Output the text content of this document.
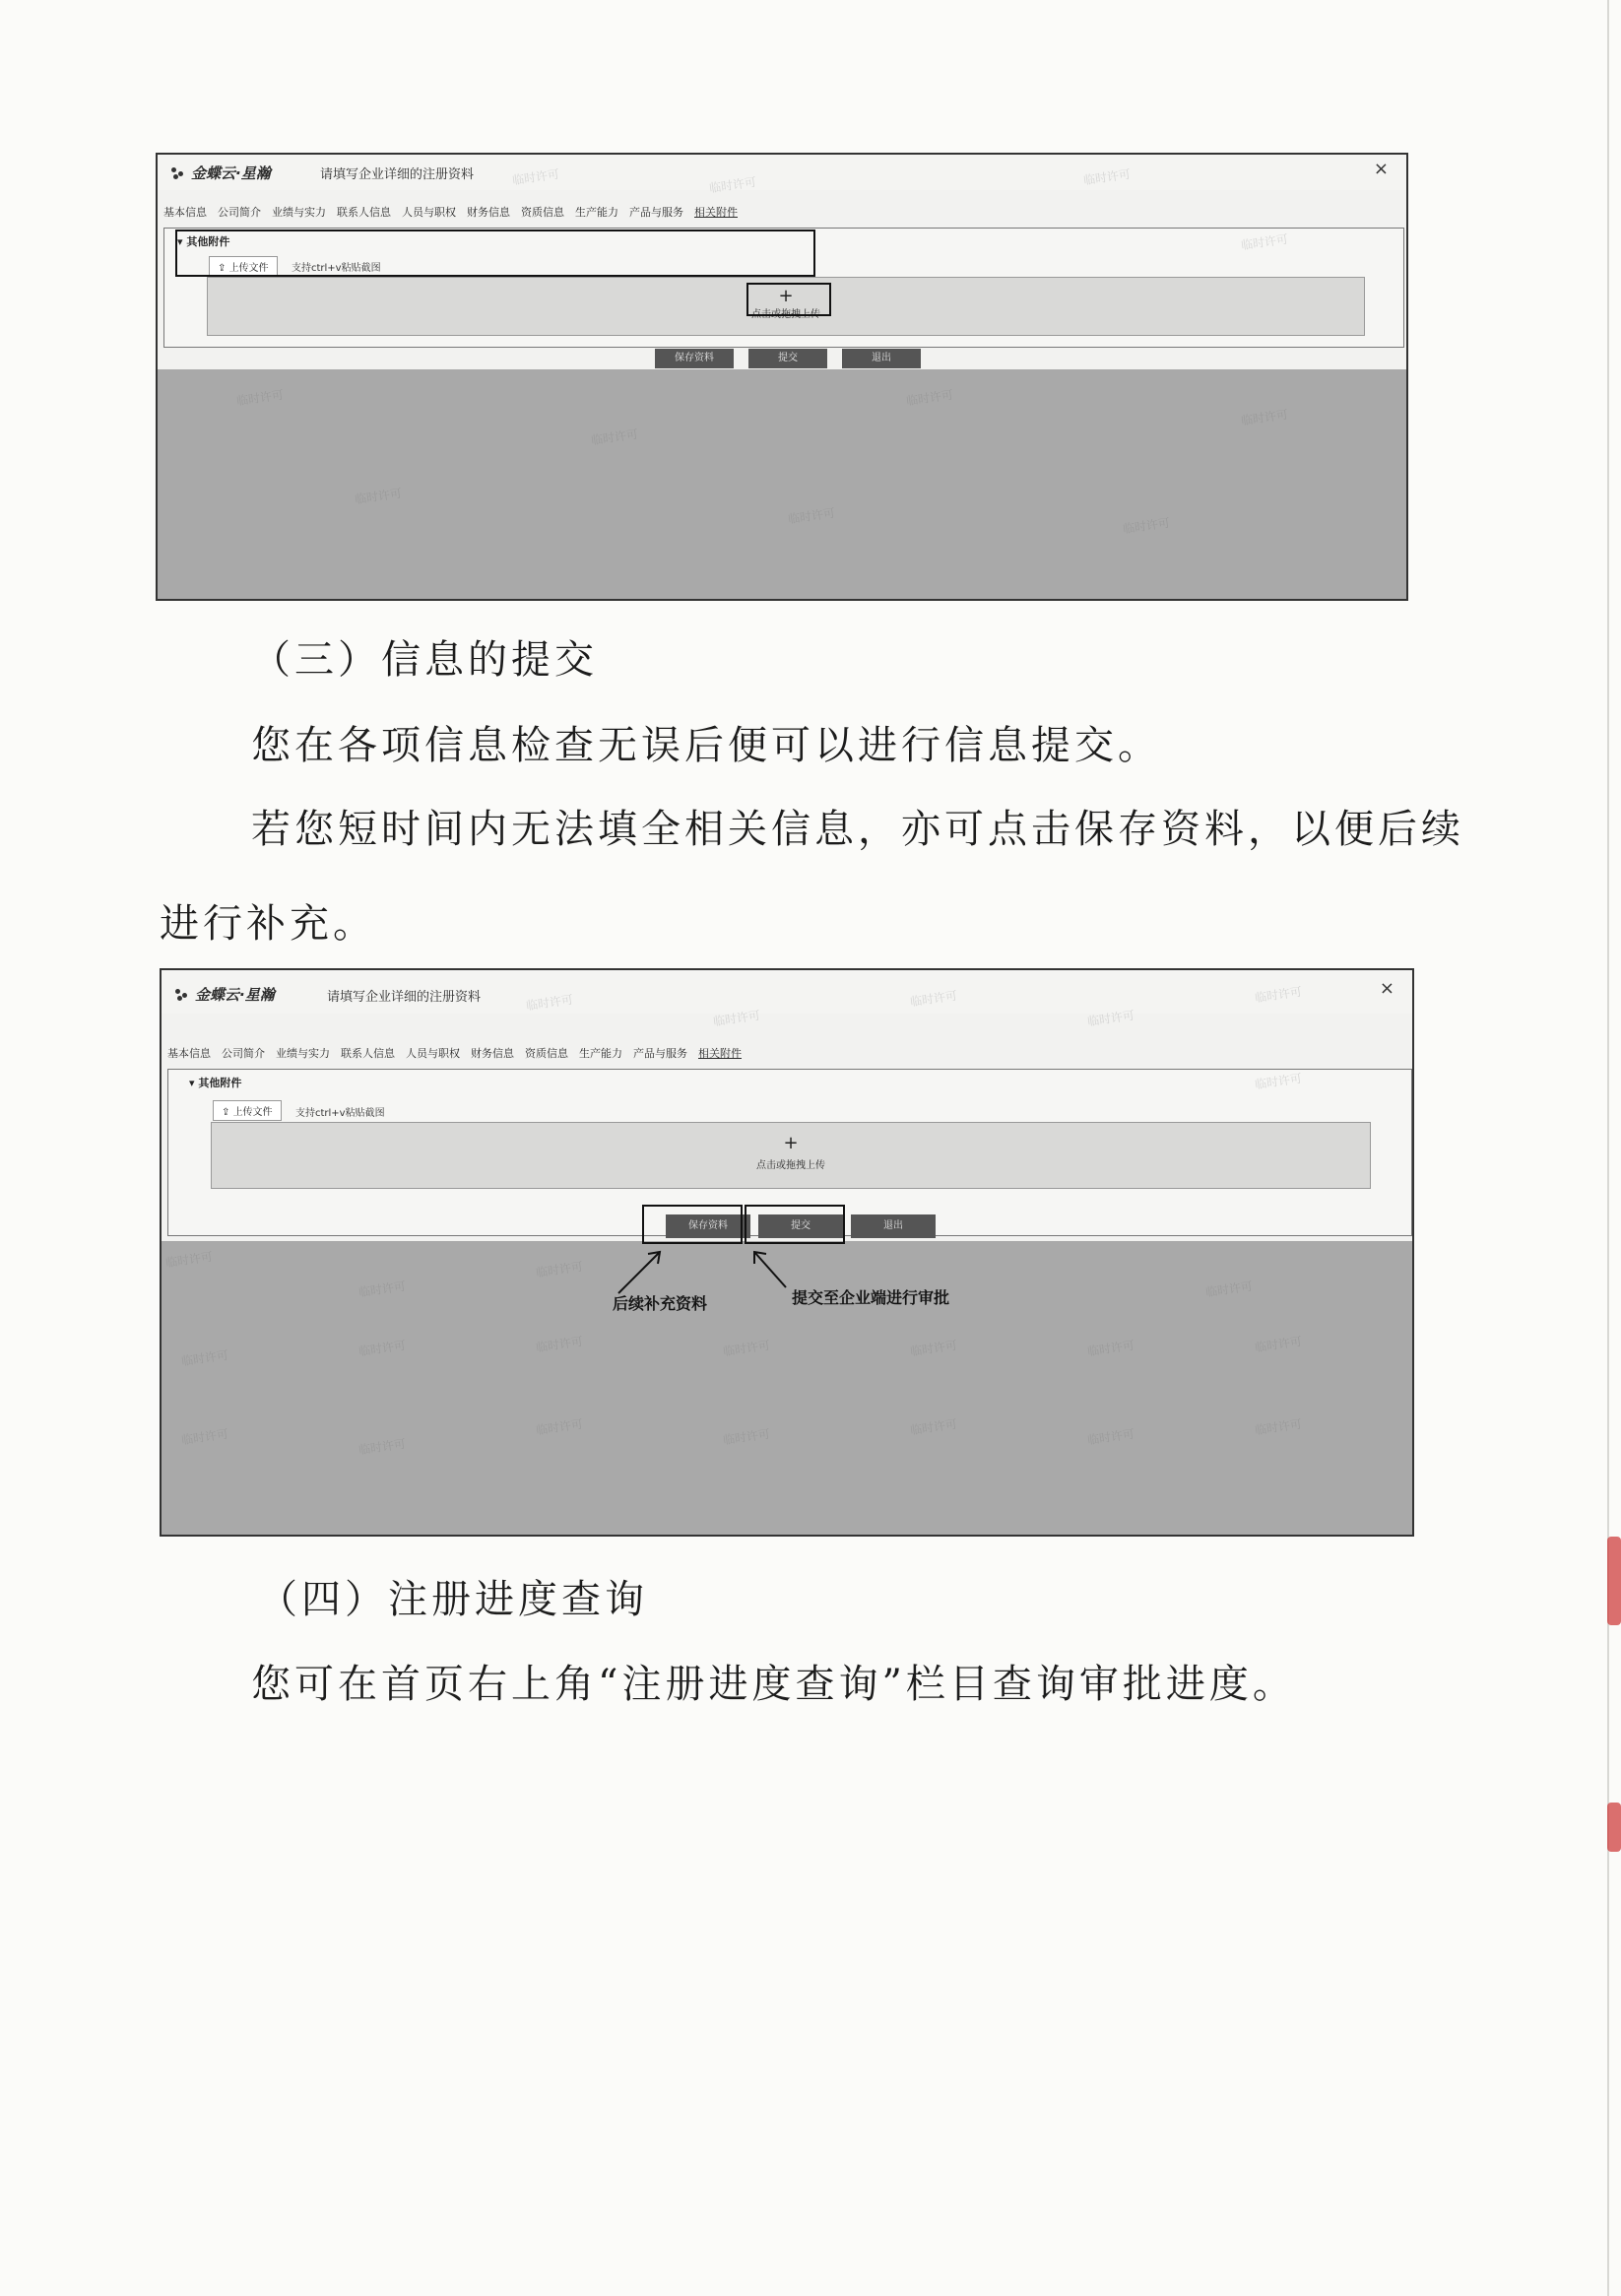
金蝶云·星瀚	请填写企业详细的注册资料	×
基本信息 公司简介 业绩与实力 联系人信息 人员与职权 财务信息 资质信息 生产能力 产品与服务 相关附件
▾ 其他附件
⇪ 上传文件	支持ctrl+v粘贴截图
+
点击或拖拽上传
保存资料	提交	退出
临时许可
临时许可
临时许可
临时许可
临时许可
临时许可	临时许可
临时许可	临时许可	临时许可
临时许可
（三）信息的提交
您在各项信息检查无误后便可以进行信息提交。
若您短时间内无法填全相关信息，亦可点击保存资料，以便后续
进行补充。
金蝶云·星瀚	请填写企业详细的注册资料	×
基本信息 公司简介 业绩与实力 联系人信息 人员与职权 财务信息 资质信息 生产能力 产品与服务 相关附件
▾ 其他附件
⇪ 上传文件	支持ctrl+v粘贴截图
+
点击或拖拽上传
保存资料	提交	退出
临时许可
临时许可
临时许可
临时许可
临时许可	临时许可	临时许可	临时许可	临时许可	临时许可	临时许可
临时许可	临时许可
临时许可	临时许可	临时许可	临时许可	临时许可
后续补充资料	提交至企业端进行审批
临时许可
临时许可
临时许可
临时许可
临时许可
临时许可
（四）注册进度查询
您可在首页右上角“注册进度查询”栏目查询审批进度。
